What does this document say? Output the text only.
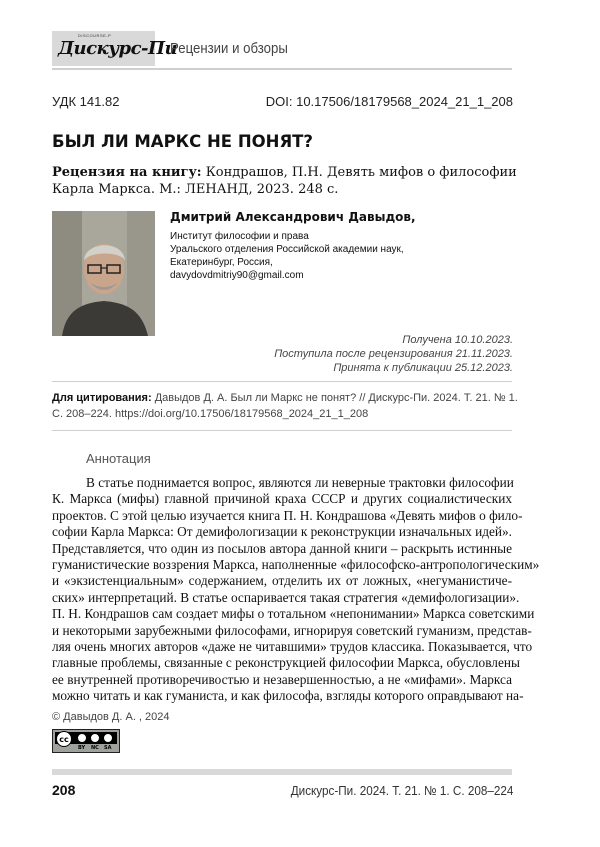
DISCOURSE-P
Дискурс-Пи
Рецензии и обзоры
УДК 141.82	DOI: 10.17506/18179568_2024_21_1_208
БЫЛ ЛИ МАРКС НЕ ПОНЯТ?
Рецензия на книгу: Кондрашов, П.Н. Девять мифов о философии Карла Маркса. М.: ЛЕНАНД, 2023. 248 с.
Дмитрий Александрович Давыдов,
Институт философии и права
Уральского отделения Российской академии наук,
Екатеринбург, Россия,
davydovdmitriy90@gmail.com
Получена 10.10.2023.
Поступила после рецензирования 21.11.2023.
Принята к публикации 25.12.2023.
Для цитирования: Давыдов Д. А. Был ли Маркс не понят? // Дискурс-Пи. 2024. Т. 21. № 1. С. 208–224. https://doi.org/10.17506/18179568_2024_21_1_208
Аннотация
В статье поднимается вопрос, являются ли неверные трактовки философии
К. Маркса (мифы) главной причиной краха СССР и других социалистических
проектов. С этой целью изучается книга П. Н. Кондрашова «Девять мифов о фило-
софии Карла Маркса: От демифологизации к реконструкции изначальных идей».
Представляется, что один из посылов автора данной книги – раскрыть истинные
гуманистические воззрения Маркса, наполненные «философско-антропологическим»
и «экзистенциальным» содержанием, отделить их от ложных, «негуманистиче-
ских» интерпретаций. В статье оспаривается такая стратегия «демифологизации».
П. Н. Кондрашов сам создает мифы о тотальном «непонимании» Маркса советскими
и некоторыми зарубежными философами, игнорируя советский гуманизм, представ-
ляя очень многих авторов «даже не читавшими» трудов классика. Показывается, что
главные проблемы, связанные с реконструкцией философии Маркса, обусловлены
ее внутренней противоречивостью и незавершенностью, а не «мифами». Маркса
можно читать и как гуманиста, и как философа, взгляды которого оправдывают на-
© Давыдов Д. А. , 2024
cc
BY NC SA
208	Дискурс-Пи. 2024. Т. 21. № 1. С. 208–224
